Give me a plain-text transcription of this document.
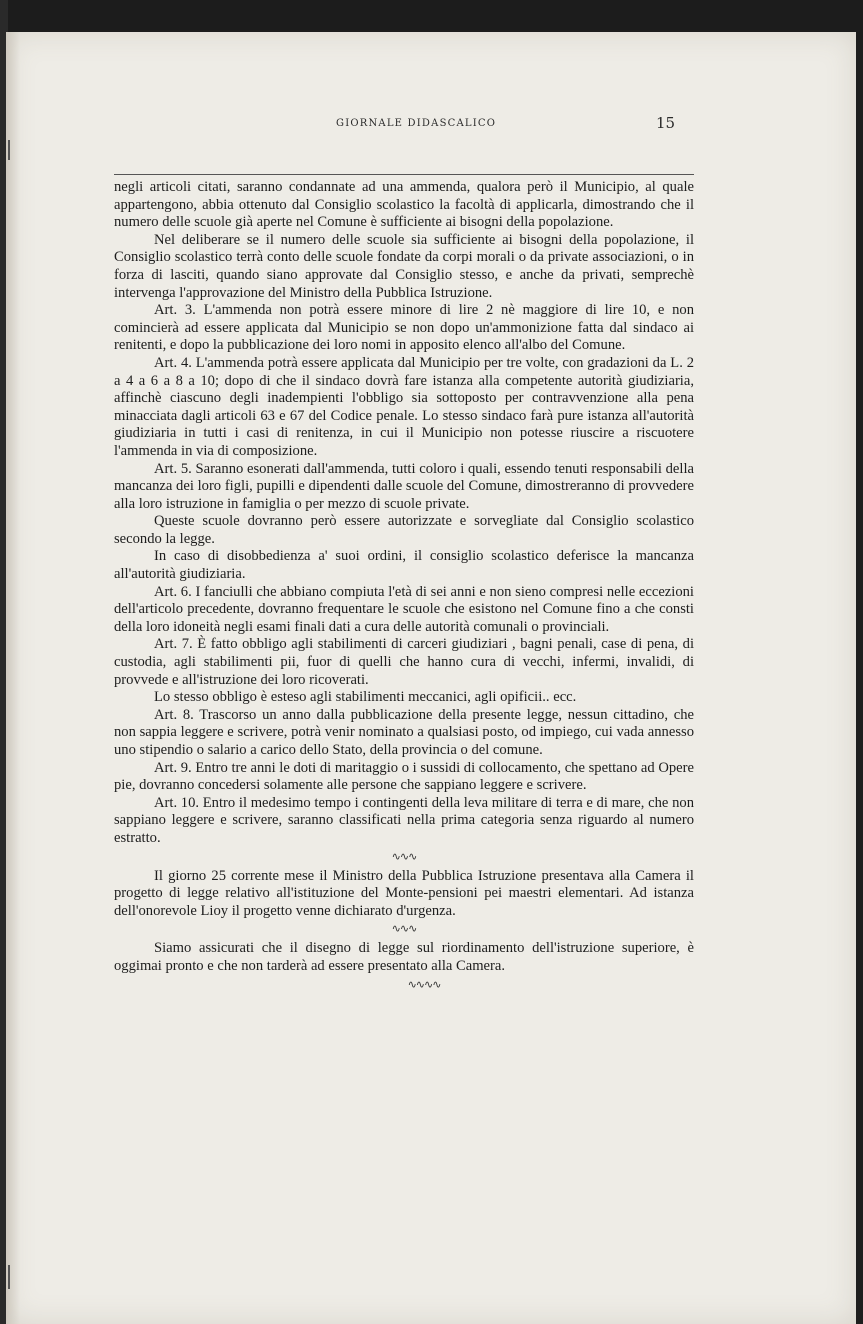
GIORNALE DIDASCALICO	15

negli articoli citati, saranno condannate ad una ammenda, qualora però il Municipio, al quale appartengono, abbia ottenuto dal Consiglio scolastico la facoltà di applicarla, dimostrando che il numero delle scuole già aperte nel Comune è sufficiente ai bisogni della popolazione.

Nel deliberare se il numero delle scuole sia sufficiente ai bisogni della popolazione, il Consiglio scolastico terrà conto delle scuole fondate da corpi morali o da private associazioni, o in forza di lasciti, quando siano approvate dal Consiglio stesso, e anche da privati, semprechè intervenga l'approvazione del Ministro della Pubblica Istruzione.

Art. 3. L'ammenda non potrà essere minore di lire 2 nè maggiore di lire 10, e non comincierà ad essere applicata dal Municipio se non dopo un'ammonizione fatta dal sindaco ai renitenti, e dopo la pubblicazione dei loro nomi in apposito elenco all'albo del Comune.

Art. 4. L'ammenda potrà essere applicata dal Municipio per tre volte, con gradazioni da L. 2 a 4 a 6 a 8 a 10; dopo di che il sindaco dovrà fare istanza alla competente autorità giudiziaria, affinchè ciascuno degli inadempienti l'obbligo sia sottoposto per contravvenzione alla pena minacciata dagli articoli 63 e 67 del Codice penale. Lo stesso sindaco farà pure istanza all'autorità giudiziaria in tutti i casi di renitenza, in cui il Municipio non potesse riuscire a riscuotere l'ammenda in via di composizione.

Art. 5. Saranno esonerati dall'ammenda, tutti coloro i quali, essendo tenuti responsabili della mancanza dei loro figli, pupilli e dipendenti dalle scuole del Comune, dimostreranno di provvedere alla loro istruzione in famiglia o per mezzo di scuole private.

Queste scuole dovranno però essere autorizzate e sorvegliate dal Consiglio scolastico secondo la legge.

In caso di disobbedienza a' suoi ordini, il consiglio scolastico deferisce la mancanza all'autorità giudiziaria.

Art. 6. I fanciulli che abbiano compiuta l'età di sei anni e non sieno compresi nelle eccezioni dell'articolo precedente, dovranno frequentare le scuole che esistono nel Comune fino a che consti della loro idoneità negli esami finali dati a cura delle autorità comunali o provinciali.

Art. 7. È fatto obbligo agli stabilimenti di carceri giudiziari , bagni penali, case di pena, di custodia, agli stabilimenti pii, fuor di quelli che hanno cura di vecchi, infermi, invalidi, di provvede e all'istruzione dei loro ricoverati.

Lo stesso obbligo è esteso agli stabilimenti meccanici, agli opificii.. ecc.

Art. 8. Trascorso un anno dalla pubblicazione della presente legge, nessun cittadino, che non sappia leggere e scrivere, potrà venir nominato a qualsiasi posto, od impiego, cui vada annesso uno stipendio o salario a carico dello Stato, della provincia o del comune.

Art. 9. Entro tre anni le doti di maritaggio o i sussidi di collocamento, che spettano ad Opere pie, dovranno concedersi solamente alle persone che sappiano leggere e scrivere.

Art. 10. Entro il medesimo tempo i contingenti della leva militare di terra e di mare, che non sappiano leggere e scrivere, saranno classificati nella prima categoria senza riguardo al numero estratto.

∿∿∿

Il giorno 25 corrente mese il Ministro della Pubblica Istruzione presentava alla Camera il progetto di legge relativo all'istituzione del Monte-pensioni pei maestri elementari. Ad istanza dell'onorevole Lioy il progetto venne dichiarato d'urgenza.

∿∿∿

Siamo assicurati che il disegno di legge sul riordinamento dell'istruzione superiore, è oggimai pronto e che non tarderà ad essere presentato alla Camera.

∿∿∿∿
